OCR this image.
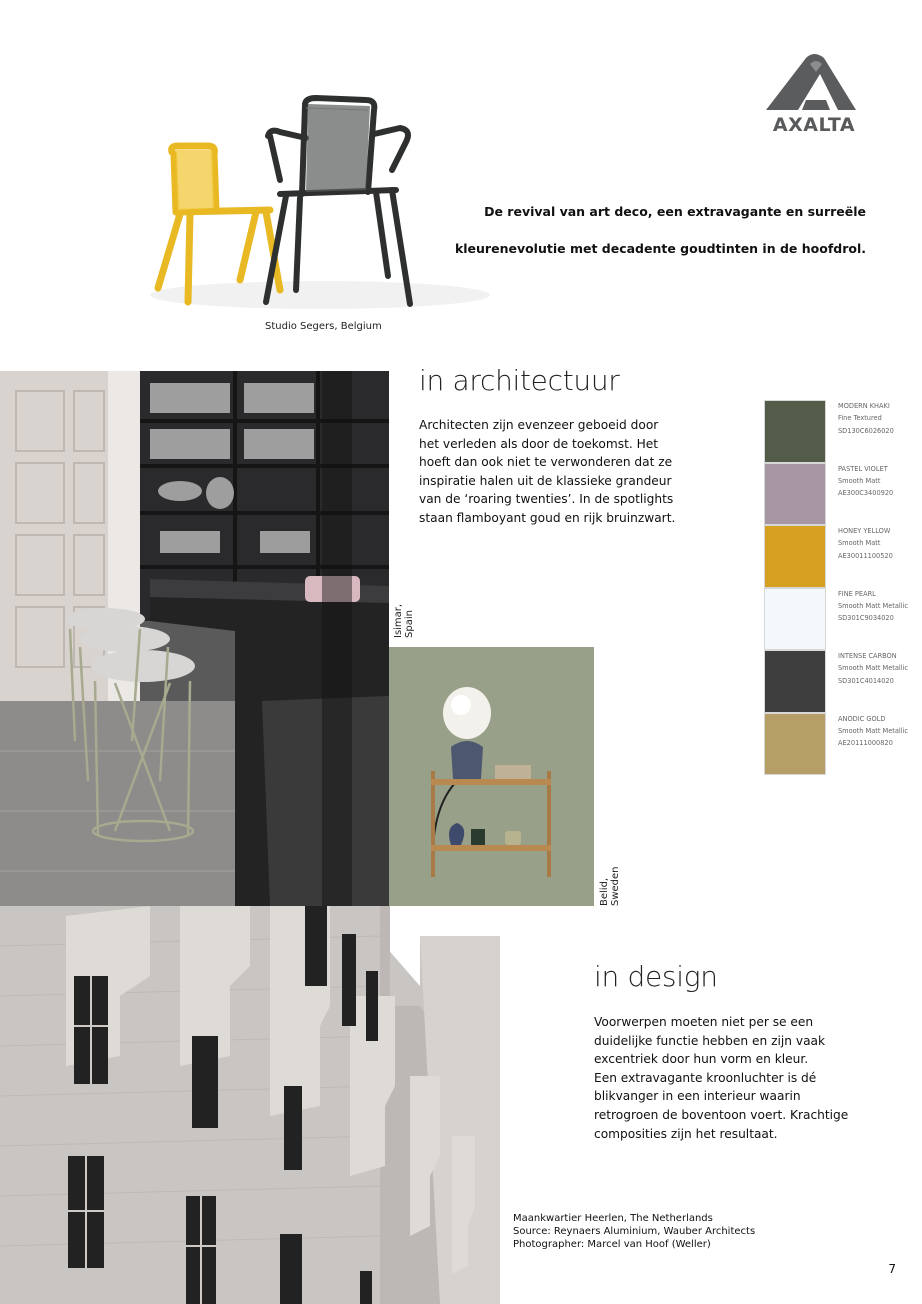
AXALTA
De revival van art deco, een extravagante en surreële
kleurenevolutie met decadente goudtinten in de hoofdrol.
Studio Segers, Belgium
Isimar, Spain
Belid, Sweden
in architectuur
Architecten zijn evenzeer geboeid door
het verleden als door de toekomst. Het
hoeft dan ook niet te verwonderen dat ze
inspiratie halen uit de klassieke grandeur
van de ‘roaring twenties’. In de spotlights
staan flamboyant goud en rijk bruinzwart.
MODERN KHAKI
Fine Textured
SD130C6026020
PASTEL VIOLET
Smooth Matt
AE300C3400920
HONEY YELLOW
Smooth Matt
AE30011100520
FINE PEARL
Smooth Matt Metallic
SD301C9034020
INTENSE CARBON
Smooth Matt Metallic
SD301C4014020
ANODIC GOLD
Smooth Matt Metallic
AE20111000820
in design
Voorwerpen moeten niet per se een
duidelijke functie hebben en zijn vaak
excentriek door hun vorm en kleur.
Een extravagante kroonluchter is dé
blikvanger in een interieur waarin
retrogroen de boventoon voert. Krachtige
composities zijn het resultaat.
Maankwartier Heerlen, The Netherlands
Source: Reynaers Aluminium, Wauber Architects
Photographer: Marcel van Hoof (Weller)
7
